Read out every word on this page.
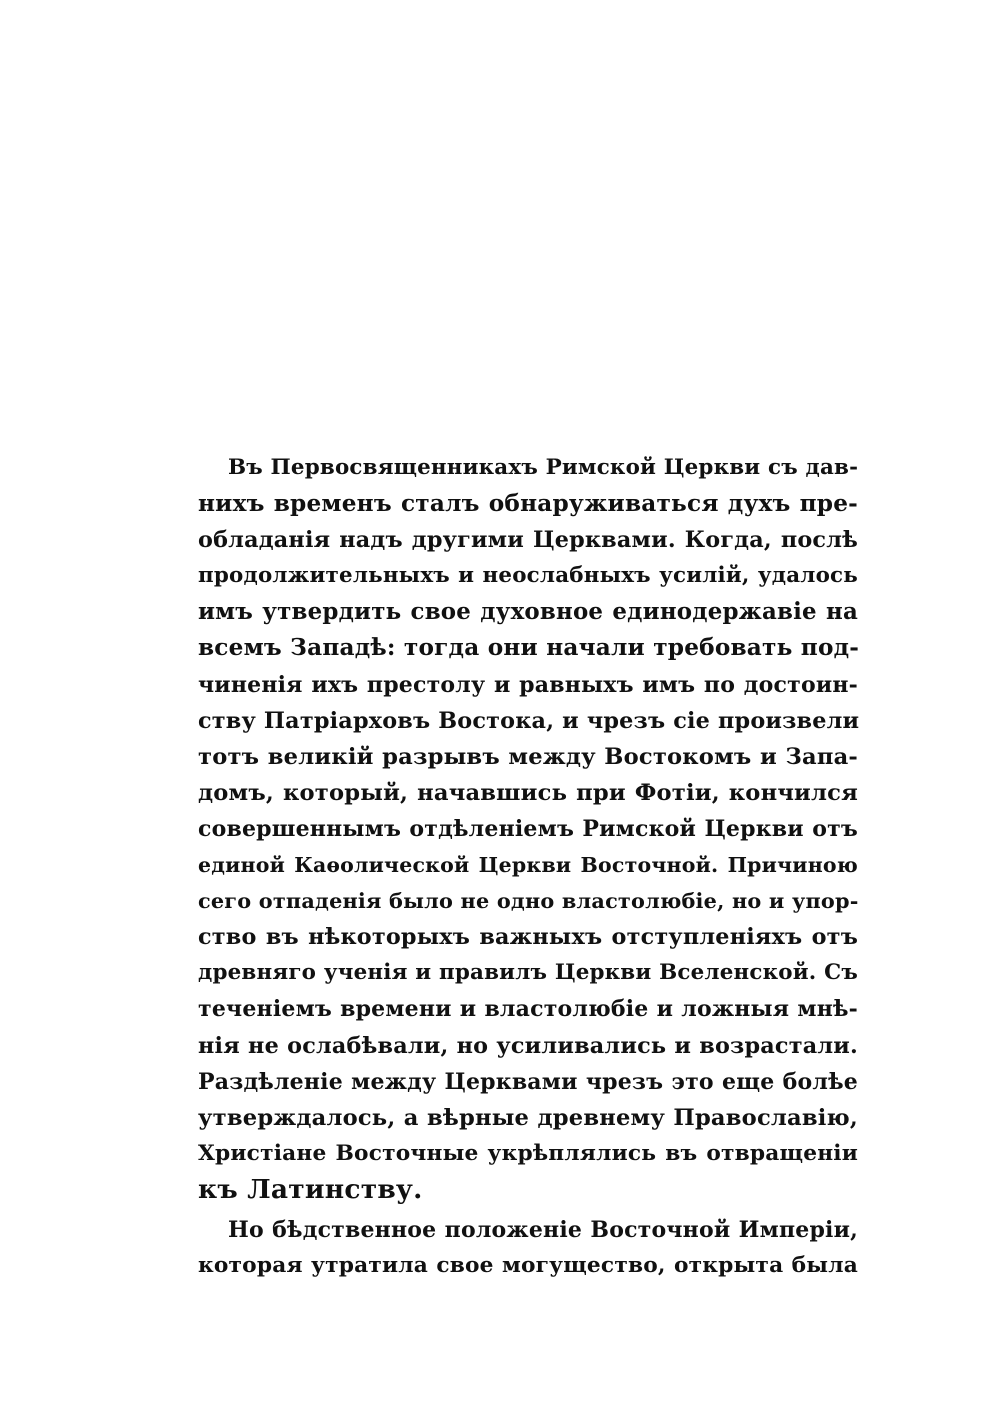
Въ Первосвященникахъ Римской Церкви съ дав-
нихъ временъ сталъ обнаруживаться духъ пре-
обладанія надъ другими Церквами. Когда, послѣ
продолжительныхъ и неослабныхъ усилій, удалось
имъ утвердить свое духовное единодержавіе на
всемъ Западѣ: тогда они начали требовать под-
чиненія ихъ престолу и равныхъ имъ по достоин-
ству Патріарховъ Востока, и чрезъ сіе произвели
тотъ великій разрывъ между Востокомъ и Запа-
домъ, который, начавшись при Фотіи, кончился
совершеннымъ отдѣленіемъ Римской Церкви отъ
единой Каѳолической Церкви Восточной. Причиною
сего отпаденія было не одно властолюбіе, но и упор-
ство въ нѣкоторыхъ важныхъ отступленіяхъ отъ
древняго ученія и правилъ Церкви Вселенской. Съ
теченіемъ времени и властолюбіе и ложныя мнѣ-
нія не ослабѣвали, но усиливались и возрастали.
Раздѣленіе между Церквами чрезъ это еще болѣе
утверждалось, а вѣрные древнему Православію,
Христіане Восточные укрѣплялись въ отвращеніи
къ Латинству.
Но бѣдственное положеніе Восточной Имперіи,
которая утратила свое могущество, открыта была
